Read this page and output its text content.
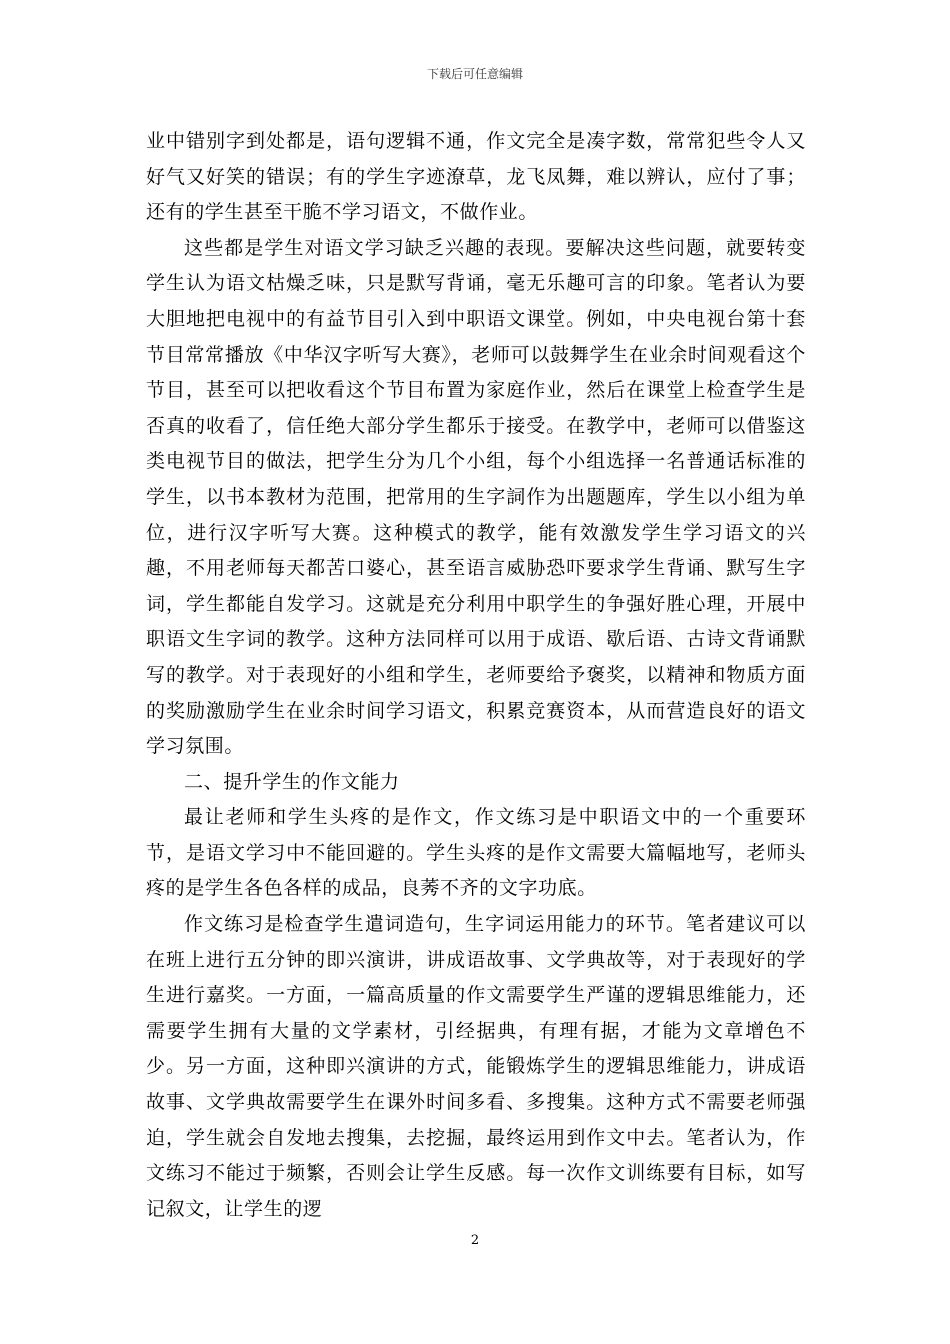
下载后可任意编辑

业中错别字到处都是，语句逻辑不通，作文完全是凑字数，常常犯些令人又好气又好笑的错误；有的学生字迹潦草，龙飞凤舞，难以辨认，应付了事；还有的学生甚至干脆不学习语文，不做作业。

这些都是学生对语文学习缺乏兴趣的表现。要解决这些问题，就要转变学生认为语文枯燥乏味，只是默写背诵，毫无乐趣可言的印象。笔者认为要大胆地把电视中的有益节目引入到中职语文课堂。例如，中央电视台第十套节目常常播放《中华汉字听写大赛》，老师可以鼓舞学生在业余时间观看这个节目，甚至可以把收看这个节目布置为家庭作业，然后在课堂上检查学生是否真的收看了，信任绝大部分学生都乐于接受。在教学中，老师可以借鉴这类电视节目的做法，把学生分为几个小组，每个小组选择一名普通话标准的学生，以书本教材为范围，把常用的生字詞作为出题题库，学生以小组为单位，进行汉字听写大赛。这种模式的教学，能有效激发学生学习语文的兴趣，不用老师每天都苦口婆心，甚至语言威胁恐吓要求学生背诵、默写生字词，学生都能自发学习。这就是充分利用中职学生的争强好胜心理，开展中职语文生字词的教学。这种方法同样可以用于成语、歇后语、古诗文背诵默写的教学。对于表现好的小组和学生，老师要给予褒奖，以精神和物质方面的奖励激励学生在业余时间学习语文，积累竞赛资本，从而营造良好的语文学习氛围。

二、提升学生的作文能力

最让老师和学生头疼的是作文，作文练习是中职语文中的一个重要环节，是语文学习中不能回避的。学生头疼的是作文需要大篇幅地写，老师头疼的是学生各色各样的成品，良莠不齐的文字功底。

作文练习是检查学生遣词造句，生字词运用能力的环节。笔者建议可以在班上进行五分钟的即兴演讲，讲成语故事、文学典故等，对于表现好的学生进行嘉奖。一方面，一篇高质量的作文需要学生严谨的逻辑思维能力，还需要学生拥有大量的文学素材，引经据典，有理有据，才能为文章增色不少。另一方面，这种即兴演讲的方式，能锻炼学生的逻辑思维能力，讲成语故事、文学典故需要学生在课外时间多看、多搜集。这种方式不需要老师强迫，学生就会自发地去搜集，去挖掘，最终运用到作文中去。笔者认为，作文练习不能过于频繁，否则会让学生反感。每一次作文训练要有目标，如写记叙文，让学生的逻

2
